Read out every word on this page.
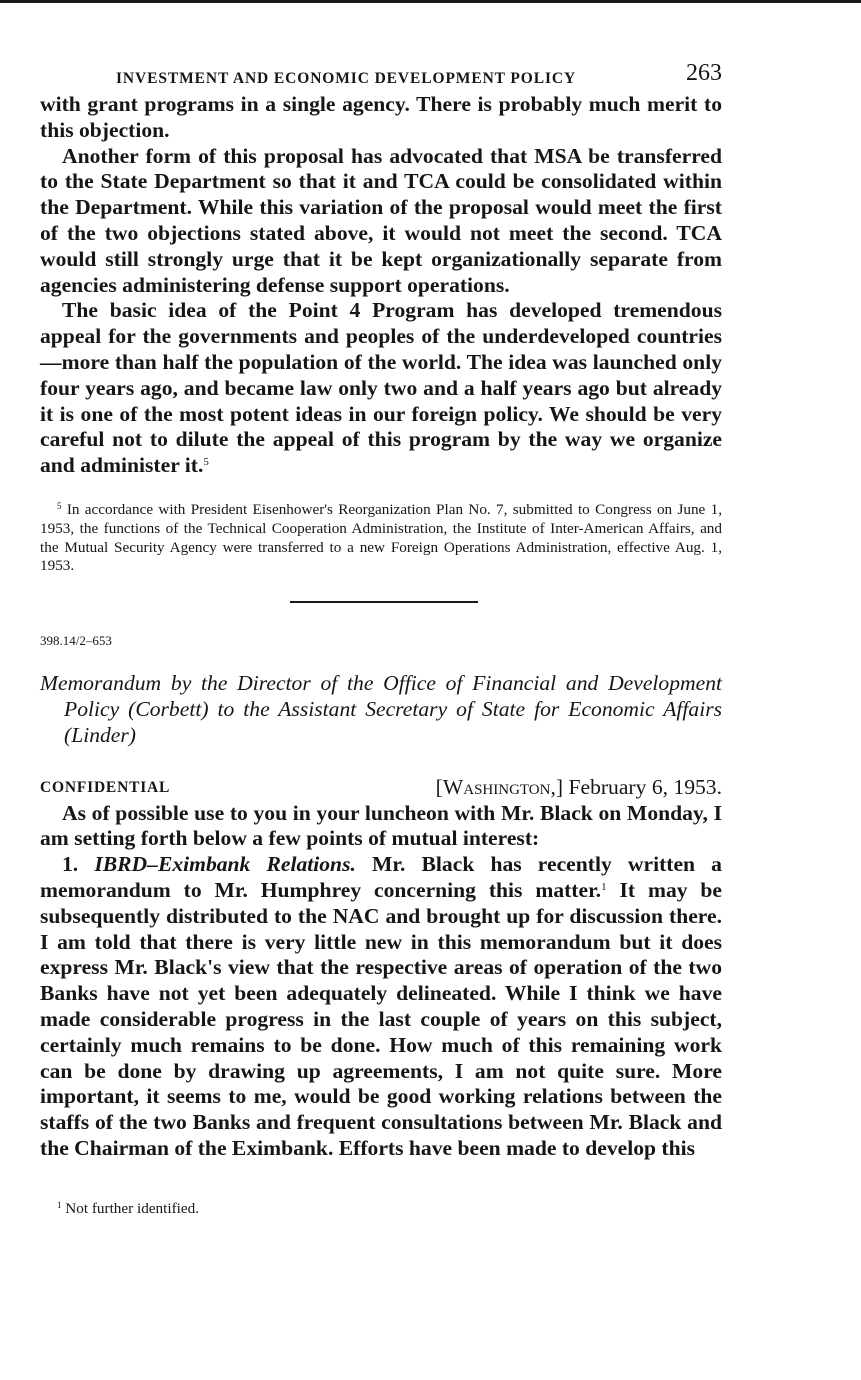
INVESTMENT AND ECONOMIC DEVELOPMENT POLICY	263

with grant programs in a single agency. There is probably much merit to this objection.

Another form of this proposal has advocated that MSA be transferred to the State Department so that it and TCA could be consolidated within the Department. While this variation of the proposal would meet the first of the two objections stated above, it would not meet the second. TCA would still strongly urge that it be kept organizationally separate from agencies administering defense support operations.

The basic idea of the Point 4 Program has developed tremendous appeal for the governments and peoples of the underdeveloped countries—more than half the population of the world. The idea was launched only four years ago, and became law only two and a half years ago but already it is one of the most potent ideas in our foreign policy. We should be very careful not to dilute the appeal of this program by the way we organize and administer it.$^5$

$^5$ In accordance with President Eisenhower's Reorganization Plan No. 7, submitted to Congress on June 1, 1953, the functions of the Technical Cooperation Administration, the Institute of Inter-American Affairs, and the Mutual Security Agency were transferred to a new Foreign Operations Administration, effective Aug. 1, 1953.

398.14/2–653

Memorandum by the Director of the Office of Financial and Development Policy (Corbett) to the Assistant Secretary of State for Economic Affairs (Linder)

CONFIDENTIAL	[Washington,] February 6, 1953.

As of possible use to you in your luncheon with Mr. Black on Monday, I am setting forth below a few points of mutual interest:

1. IBRD–Eximbank Relations. Mr. Black has recently written a memorandum to Mr. Humphrey concerning this matter.$^1$ It may be subsequently distributed to the NAC and brought up for discussion there. I am told that there is very little new in this memorandum but it does express Mr. Black's view that the respective areas of operation of the two Banks have not yet been adequately delineated. While I think we have made considerable progress in the last couple of years on this subject, certainly much remains to be done. How much of this remaining work can be done by drawing up agreements, I am not quite sure. More important, it seems to me, would be good working relations between the staffs of the two Banks and frequent consultations between Mr. Black and the Chairman of the Eximbank. Efforts have been made to develop this

$^1$ Not further identified.
